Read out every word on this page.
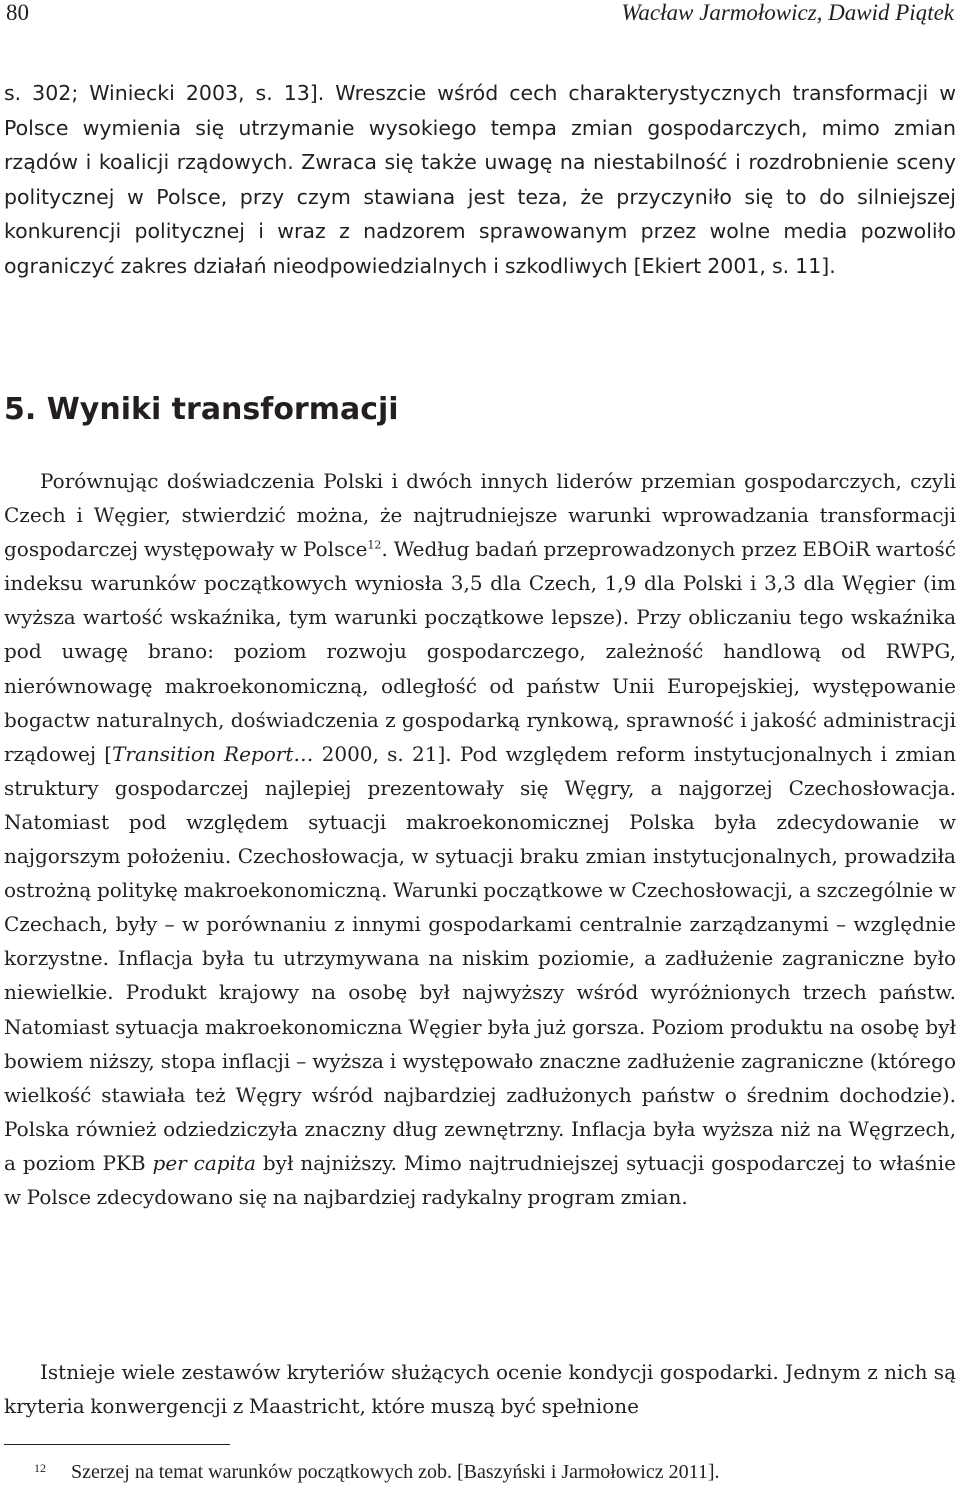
80	Wacław Jarmołowicz, Dawid Piątek

s. 302; Winiecki 2003, s. 13]. Wreszcie wśród cech charakterystycznych transformacji w Polsce wymienia się utrzymanie wysokiego tempa zmian gospodarczych, mimo zmian rządów i koalicji rządowych. Zwraca się także uwagę na niestabilność i rozdrobnienie sceny politycznej w Polsce, przy czym stawiana jest teza, że przyczyniło się to do silniejszej konkurencji politycznej i wraz z nadzorem sprawowanym przez wolne media pozwoliło ograniczyć zakres działań nieodpowiedzialnych i szkodliwych [Ekiert 2001, s. 11].

5. Wyniki transformacji

Porównując doświadczenia Polski i dwóch innych liderów przemian gospodarczych, czyli Czech i Węgier, stwierdzić można, że najtrudniejsze warunki wprowadzania transformacji gospodarczej występowały w Polsce$^{12}$. Według badań przeprowadzonych przez EBOiR wartość indeksu warunków początkowych wyniosła 3,5 dla Czech, 1,9 dla Polski i 3,3 dla Węgier (im wyższa wartość wskaźnika, tym warunki początkowe lepsze). Przy obliczaniu tego wskaźnika pod uwagę brano: poziom rozwoju gospodarczego, zależność handlową od RWPG, nierównowagę makroekonomiczną, odległość od państw Unii Europejskiej, występowanie bogactw naturalnych, doświadczenia z gospodarką rynkową, sprawność i jakość administracji rządowej [Transition Report… 2000, s. 21]. Pod względem reform instytucjonalnych i zmian struktury gospodarczej najlepiej prezentowały się Węgry, a najgorzej Czechosłowacja. Natomiast pod względem sytuacji makroekonomicznej Polska była zdecydowanie w najgorszym położeniu. Czechosłowacja, w sytuacji braku zmian instytucjonalnych, prowadziła ostrożną politykę makroekonomiczną. Warunki początkowe w Czechosłowacji, a szczególnie w Czechach, były – w porównaniu z innymi gospodarkami centralnie zarządzanymi – względnie korzystne. Inflacja była tu utrzymywana na niskim poziomie, a zadłużenie zagraniczne było niewielkie. Produkt krajowy na osobę był najwyższy wśród wyróżnionych trzech państw. Natomiast sytuacja makroekonomiczna Węgier była już gorsza. Poziom produktu na osobę był bowiem niższy, stopa inflacji – wyższa i występowało znaczne zadłużenie zagraniczne (którego wielkość stawiała też Węgry wśród najbardziej zadłużonych państw o średnim dochodzie). Polska również odziedziczyła znaczny dług zewnętrzny. Inflacja była wyższa niż na Węgrzech, a poziom PKB per capita był najniższy. Mimo najtrudniejszej sytuacji gospodarczej to właśnie w Polsce zdecydowano się na najbardziej radykalny program zmian.

Istnieje wiele zestawów kryteriów służących ocenie kondycji gospodarki. Jednym z nich są kryteria konwergencji z Maastricht, które muszą być spełnione

12 Szerzej na temat warunków początkowych zob. [Baszyński i Jarmołowicz 2011].
